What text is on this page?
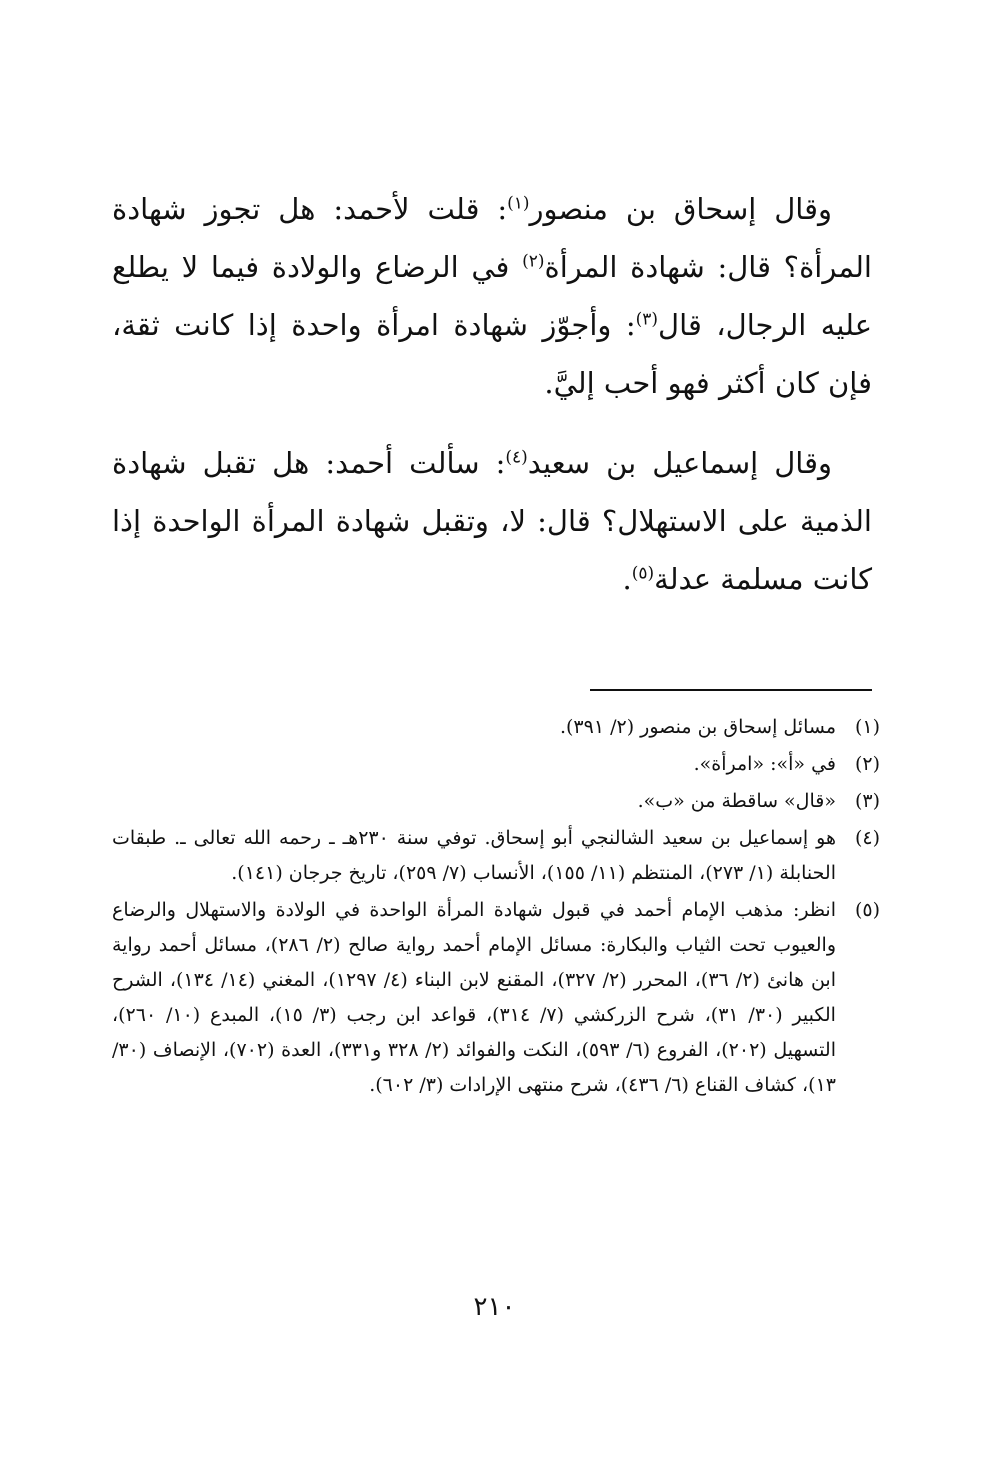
وقال إسحاق بن منصور$^{(١)}$: قلت لأحمد: هل تجوز شهادة المرأة؟ قال: شهادة المرأة$^{(٢)}$ في الرضاع والولادة فيما لا يطلع عليه الرجال، قال$^{(٣)}$: وأجوّز شهادة امرأة واحدة إذا كانت ثقة، فإن كان أكثر فهو أحب إليَّ.

وقال إسماعيل بن سعيد$^{(٤)}$: سألت أحمد: هل تقبل شهادة الذمية على الاستهلال؟ قال: لا، وتقبل شهادة المرأة الواحدة إذا كانت مسلمة عدلة$^{(٥)}$.

(١)
مسائل إسحاق بن منصور (٢/ ٣٩١).
(٢)
في «أ»: «امرأة».
(٣)
«قال» ساقطة من «ب».
(٤)
هو إسماعيل بن سعيد الشالنجي أبو إسحاق. توفي سنة ٢٣٠هـ ـ رحمه الله تعالى ـ. طبقات الحنابلة (١/ ٢٧٣)، المنتظم (١١/ ١٥٥)، الأنساب (٧/ ٢٥٩)، تاريخ جرجان (١٤١).
(٥)
انظر: مذهب الإمام أحمد في قبول شهادة المرأة الواحدة في الولادة والاستهلال والرضاع والعيوب تحت الثياب والبكارة: مسائل الإمام أحمد رواية صالح (٢/ ٢٨٦)، مسائل أحمد رواية ابن هانئ (٢/ ٣٦)، المحرر (٢/ ٣٢٧)، المقنع لابن البناء (٤/ ١٢٩٧)، المغني (١٤/ ١٣٤)، الشرح الكبير (٣٠/ ٣١)، شرح الزركشي (٧/ ٣١٤)، قواعد ابن رجب (٣/ ١٥)، المبدع (١٠/ ٢٦٠)، التسهيل (٢٠٢)، الفروع (٦/ ٥٩٣)، النكت والفوائد (٢/ ٣٢٨ و٣٣١)، العدة (٧٠٢)، الإنصاف (٣٠/ ١٣)، كشاف القناع (٦/ ٤٣٦)، شرح منتهى الإرادات (٣/ ٦٠٢).
٢١٠
